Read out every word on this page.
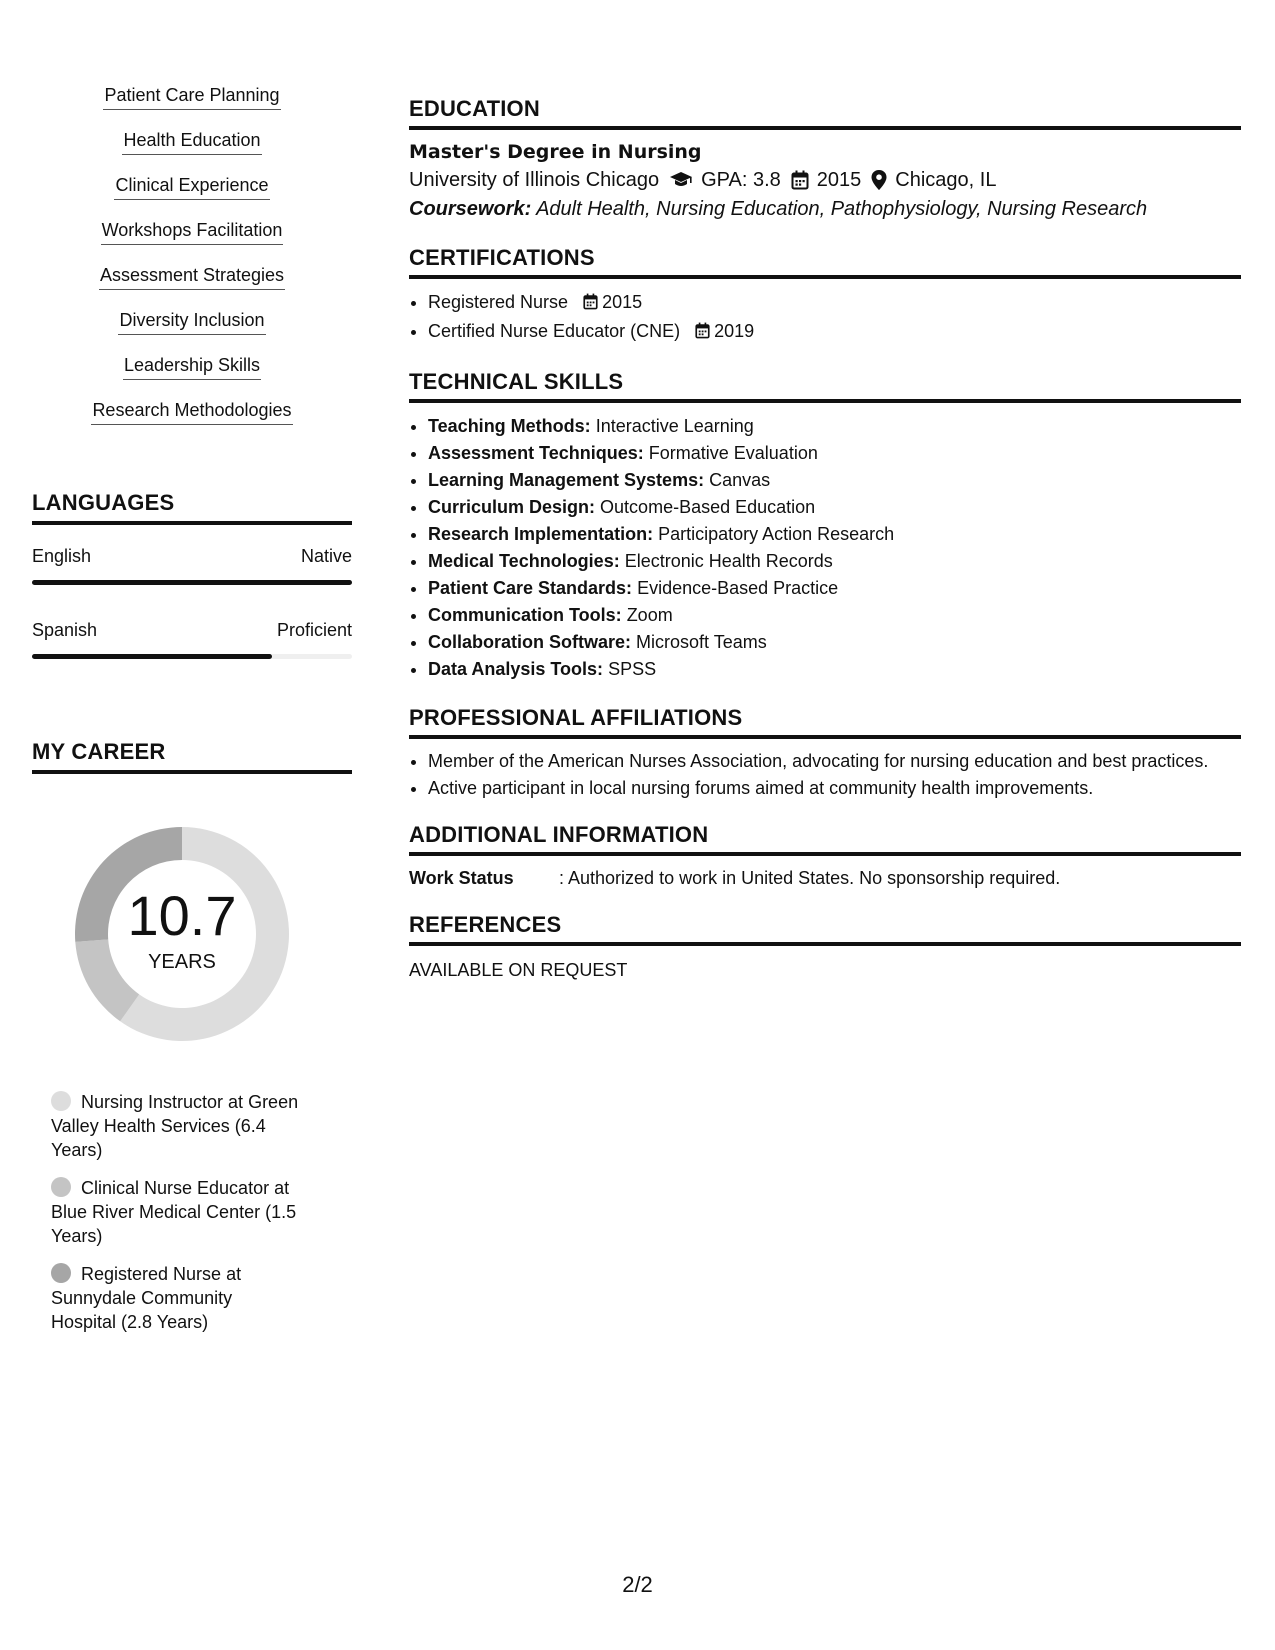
Patient Care Planning
Health Education
Clinical Experience
Workshops Facilitation
Assessment Strategies
Diversity Inclusion
Leadership Skills
Research Methodologies
LANGUAGES
English	Native
Spanish	Proficient
MY CAREER
10.7
YEARS
Nursing Instructor at Green Valley Health Services (6.4 Years)
Clinical Nurse Educator at Blue River Medical Center (1.5 Years)
Registered Nurse at Sunnydale Community Hospital (2.8 Years)
EDUCATION
Master's Degree in Nursing
University of Illinois Chicago GPA: 3.8 2015 Chicago, IL
Coursework: Adult Health, Nursing Education, Pathophysiology, Nursing Research
CERTIFICATIONS
• Registered Nurse 2015
• Certified Nurse Educator (CNE) 2019
TECHNICAL SKILLS
• Teaching Methods: Interactive Learning
• Assessment Techniques: Formative Evaluation
• Learning Management Systems: Canvas
• Curriculum Design: Outcome-Based Education
• Research Implementation: Participatory Action Research
• Medical Technologies: Electronic Health Records
• Patient Care Standards: Evidence-Based Practice
• Communication Tools: Zoom
• Collaboration Software: Microsoft Teams
• Data Analysis Tools: SPSS
PROFESSIONAL AFFILIATIONS
• Member of the American Nurses Association, advocating for nursing education and best practices.
• Active participant in local nursing forums aimed at community health improvements.
ADDITIONAL INFORMATION
Work Status	: Authorized to work in United States. No sponsorship required.
REFERENCES
AVAILABLE ON REQUEST
2/2
